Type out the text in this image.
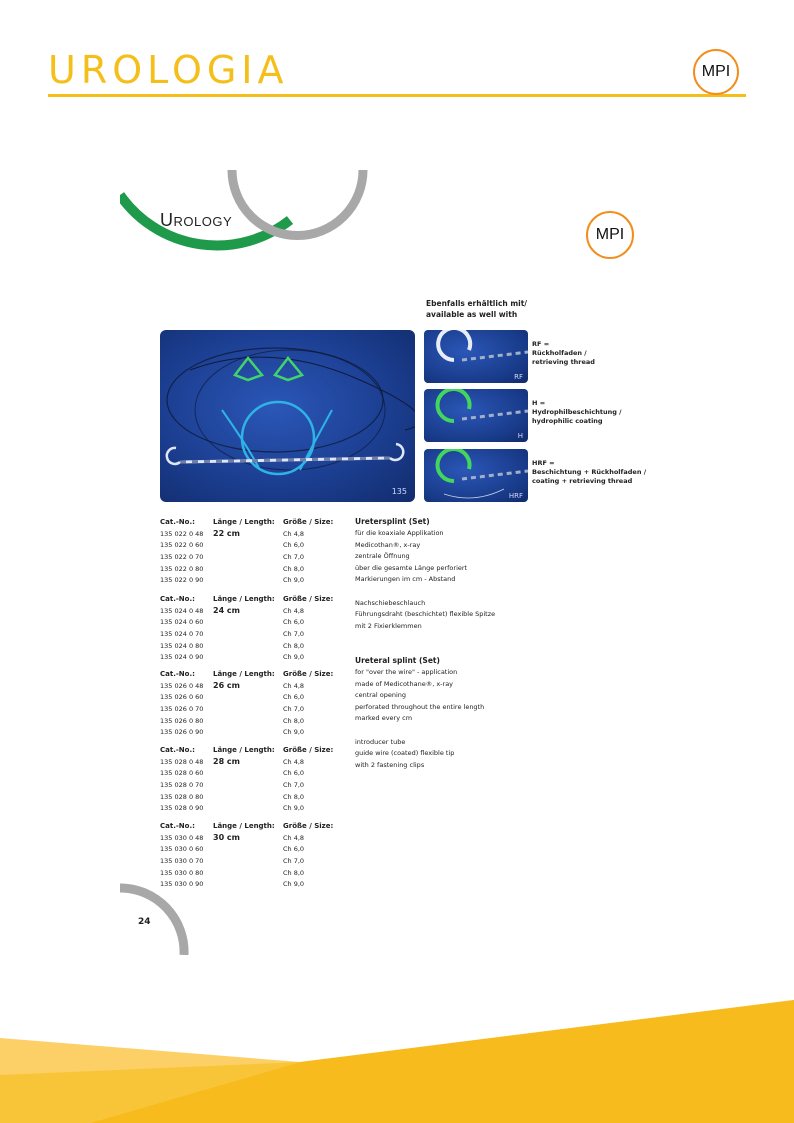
UROLOGIA	MPI
Urology
MPI
Ebenfalls erhältlich mit/
available as well with
135
RF
H
HRF
RF =
Rückholfaden /
retrieving thread
H =
Hydrophilbeschichtung /
hydrophilic coating
HRF =
Beschichtung + Rückholfaden /
coating + retrieving thread
Cat.-No.:	Länge / Length:	Größe / Size:
135 022 0 48	22 cm	Ch 4,8
135 022 0 60		Ch 6,0
135 022 0 70		Ch 7,0
135 022 0 80		Ch 8,0
135 022 0 90		Ch 9,0
Cat.-No.:	Länge / Length:	Größe / Size:
135 024 0 48	24 cm	Ch 4,8
135 024 0 60		Ch 6,0
135 024 0 70		Ch 7,0
135 024 0 80		Ch 8,0
135 024 0 90		Ch 9,0
Cat.-No.:	Länge / Length:	Größe / Size:
135 026 0 48	26 cm	Ch 4,8
135 026 0 60		Ch 6,0
135 026 0 70		Ch 7,0
135 026 0 80		Ch 8,0
135 026 0 90		Ch 9,0
Cat.-No.:	Länge / Length:	Größe / Size:
135 028 0 48	28 cm	Ch 4,8
135 028 0 60		Ch 6,0
135 028 0 70		Ch 7,0
135 028 0 80		Ch 8,0
135 028 0 90		Ch 9,0
Cat.-No.:	Länge / Length:	Größe / Size:
135 030 0 48	30 cm	Ch 4,8
135 030 0 60		Ch 6,0
135 030 0 70		Ch 7,0
135 030 0 80		Ch 8,0
135 030 0 90		Ch 9,0
Uretersplint (Set)
für die koaxiale Applikation
Medicothan®, x-ray
zentrale Öffnung
über die gesamte Länge perforiert
Markierungen im cm - Abstand
Nachschiebeschlauch
Führungsdraht (beschichtet) flexible Spitze
mit 2 Fixierklemmen
Ureteral splint (Set)
for "over the wire" - application
made of Medicothane®, x-ray
central opening
perforated throughout the entire length
marked every cm
introducer tube
guide wire (coated) flexible tip
with 2 fastening clips
24
